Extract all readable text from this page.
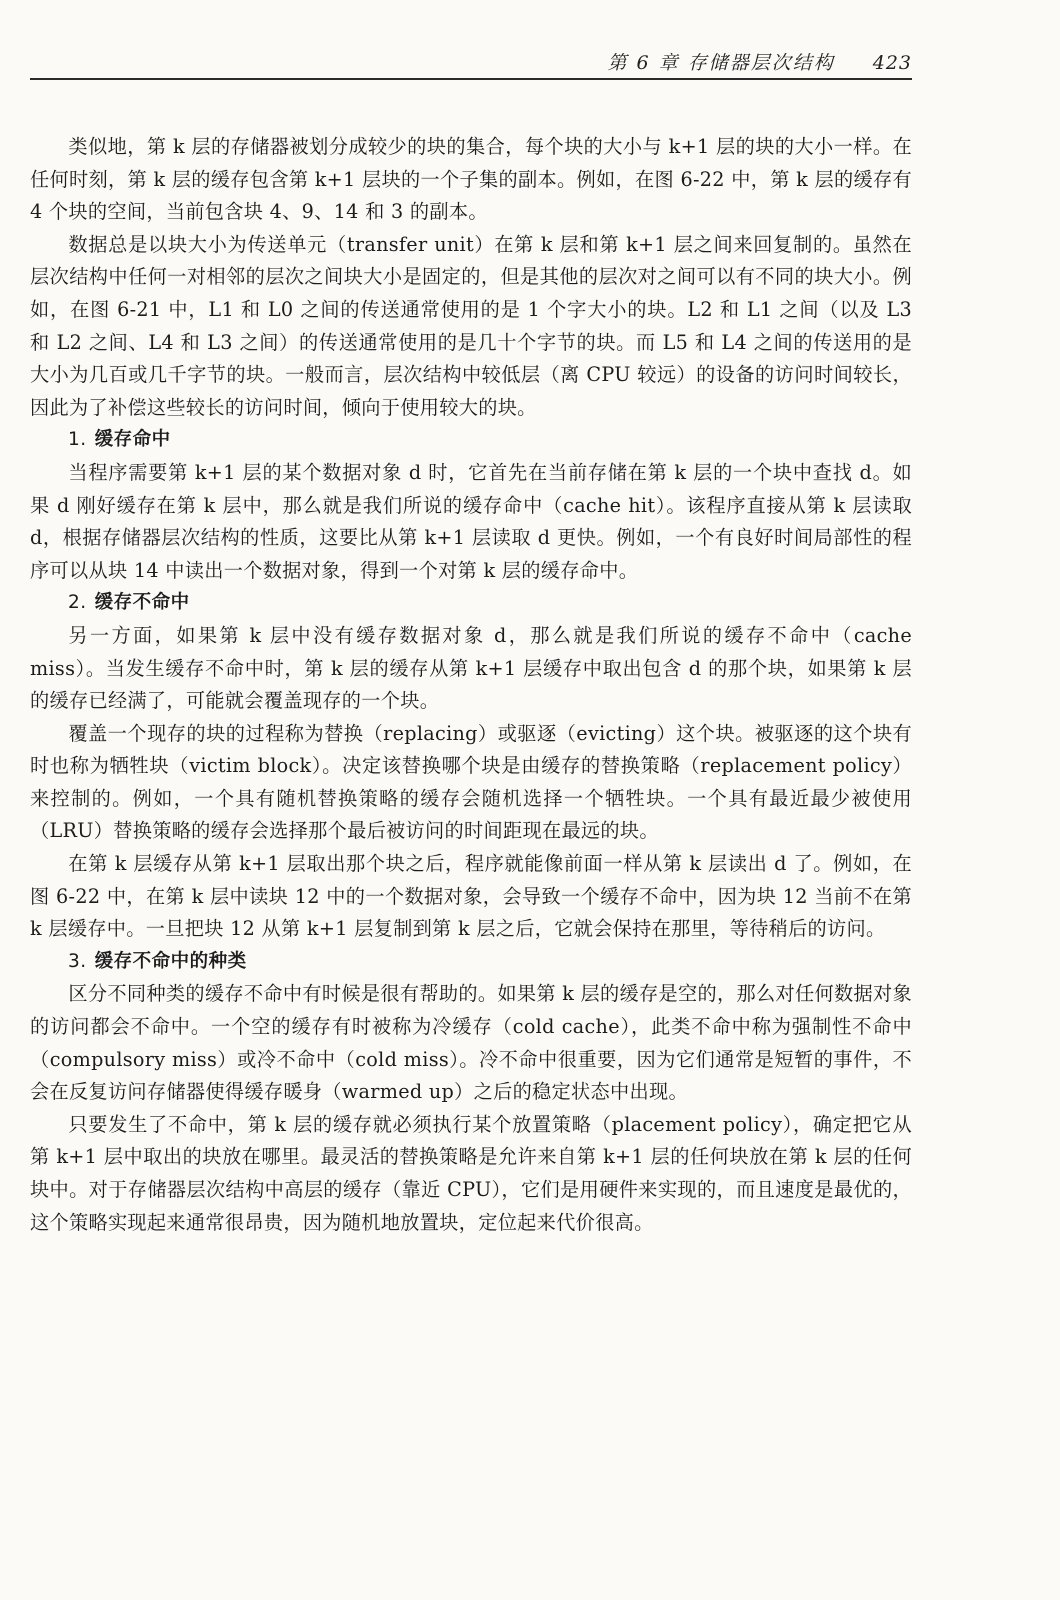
第 6 章 存储器层次结构 423

类似地，第 k 层的存储器被划分成较少的块的集合，每个块的大小与 k+1 层的块的大小一样。在任何时刻，第 k 层的缓存包含第 k+1 层块的一个子集的副本。例如，在图 6-22 中，第 k 层的缓存有 4 个块的空间，当前包含块 4、9、14 和 3 的副本。

数据总是以块大小为传送单元（transfer unit）在第 k 层和第 k+1 层之间来回复制的。虽然在层次结构中任何一对相邻的层次之间块大小是固定的，但是其他的层次对之间可以有不同的块大小。例如，在图 6-21 中，L1 和 L0 之间的传送通常使用的是 1 个字大小的块。L2 和 L1 之间（以及 L3 和 L2 之间、L4 和 L3 之间）的传送通常使用的是几十个字节的块。而 L5 和 L4 之间的传送用的是大小为几百或几千字节的块。一般而言，层次结构中较低层（离 CPU 较远）的设备的访问时间较长，因此为了补偿这些较长的访问时间，倾向于使用较大的块。

1. 缓存命中

当程序需要第 k+1 层的某个数据对象 d 时，它首先在当前存储在第 k 层的一个块中查找 d。如果 d 刚好缓存在第 k 层中，那么就是我们所说的缓存命中（cache hit）。该程序直接从第 k 层读取 d，根据存储器层次结构的性质，这要比从第 k+1 层读取 d 更快。例如，一个有良好时间局部性的程序可以从块 14 中读出一个数据对象，得到一个对第 k 层的缓存命中。

2. 缓存不命中

另一方面，如果第 k 层中没有缓存数据对象 d，那么就是我们所说的缓存不命中（cache miss）。当发生缓存不命中时，第 k 层的缓存从第 k+1 层缓存中取出包含 d 的那个块，如果第 k 层的缓存已经满了，可能就会覆盖现存的一个块。

覆盖一个现存的块的过程称为替换（replacing）或驱逐（evicting）这个块。被驱逐的这个块有时也称为牺牲块（victim block）。决定该替换哪个块是由缓存的替换策略（replacement policy）来控制的。例如，一个具有随机替换策略的缓存会随机选择一个牺牲块。一个具有最近最少被使用（LRU）替换策略的缓存会选择那个最后被访问的时间距现在最远的块。

在第 k 层缓存从第 k+1 层取出那个块之后，程序就能像前面一样从第 k 层读出 d 了。例如，在图 6-22 中，在第 k 层中读块 12 中的一个数据对象，会导致一个缓存不命中，因为块 12 当前不在第 k 层缓存中。一旦把块 12 从第 k+1 层复制到第 k 层之后，它就会保持在那里，等待稍后的访问。

3. 缓存不命中的种类

区分不同种类的缓存不命中有时候是很有帮助的。如果第 k 层的缓存是空的，那么对任何数据对象的访问都会不命中。一个空的缓存有时被称为冷缓存（cold cache），此类不命中称为强制性不命中（compulsory miss）或冷不命中（cold miss）。冷不命中很重要，因为它们通常是短暂的事件，不会在反复访问存储器使得缓存暖身（warmed up）之后的稳定状态中出现。

只要发生了不命中，第 k 层的缓存就必须执行某个放置策略（placement policy），确定把它从第 k+1 层中取出的块放在哪里。最灵活的替换策略是允许来自第 k+1 层的任何块放在第 k 层的任何块中。对于存储器层次结构中高层的缓存（靠近 CPU），它们是用硬件来实现的，而且速度是最优的，这个策略实现起来通常很昂贵，因为随机地放置块，定位起来代价很高。
